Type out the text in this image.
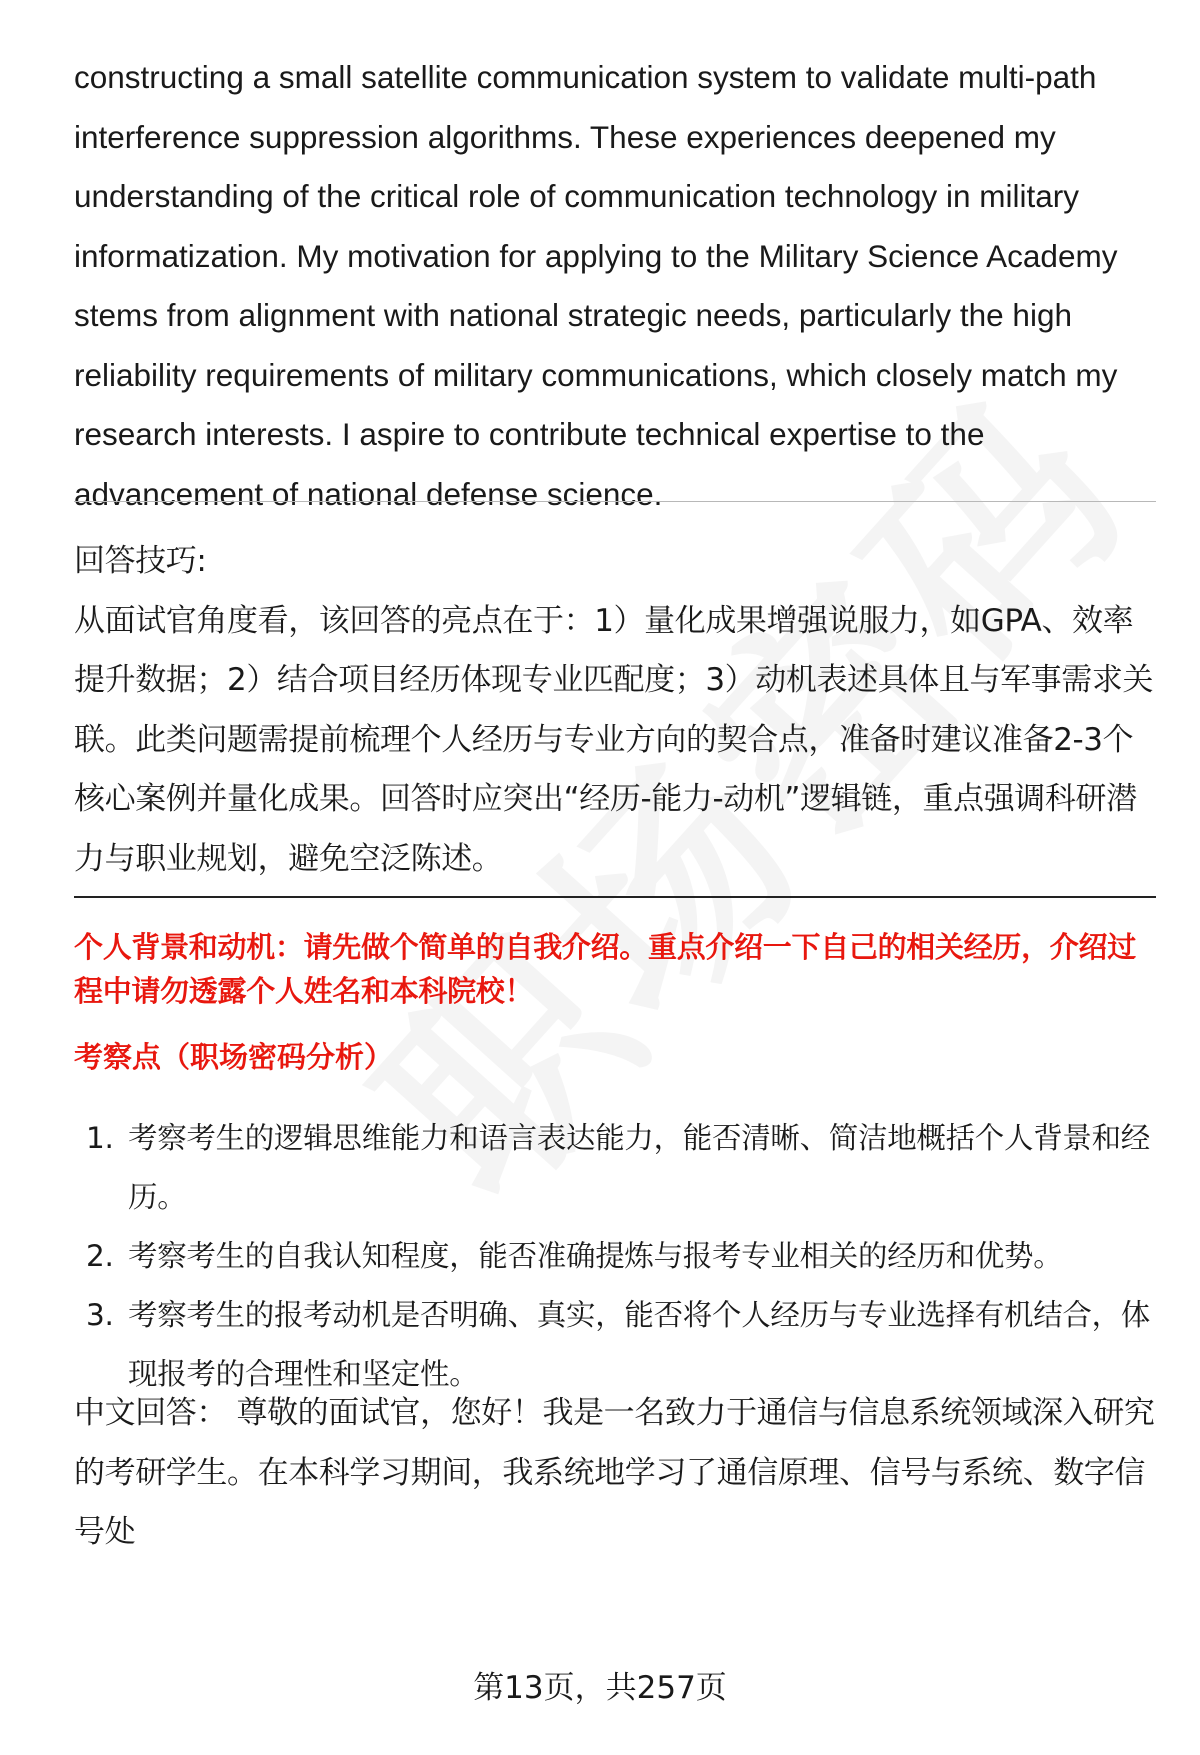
constructing a small satellite communication system to validate multi-path interference suppression algorithms. These experiences deepened my understanding of the critical role of communication technology in military informatization. My motivation for applying to the Military Science Academy stems from alignment with national strategic needs, particularly the high reliability requirements of military communications, which closely match my research interests. I aspire to contribute technical expertise to the advancement of national defense science.

回答技巧:

从面试官角度看，该回答的亮点在于：1）量化成果增强说服力，如GPA、效率提升数据；2）结合项目经历体现专业匹配度；3）动机表述具体且与军事需求关联。此类问题需提前梳理个人经历与专业方向的契合点，准备时建议准备2-3个核心案例并量化成果。回答时应突出“经历-能力-动机”逻辑链，重点强调科研潜力与职业规划，避免空泛陈述。

个人背景和动机：请先做个简单的自我介绍。重点介绍一下自己的相关经历，介绍过程中请勿透露个人姓名和本科院校！

考察点（职场密码分析）

1. 考察考生的逻辑思维能力和语言表达能力，能否清晰、简洁地概括个人背景和经历。
2. 考察考生的自我认知程度，能否准确提炼与报考专业相关的经历和优势。
3. 考察考生的报考动机是否明确、真实，能否将个人经历与专业选择有机结合，体现报考的合理性和坚定性。

中文回答： 尊敬的面试官，您好！我是一名致力于通信与信息系统领域深入研究的考研学生。在本科学习期间，我系统地学习了通信原理、信号与系统、数字信号处

第13页，共257页
